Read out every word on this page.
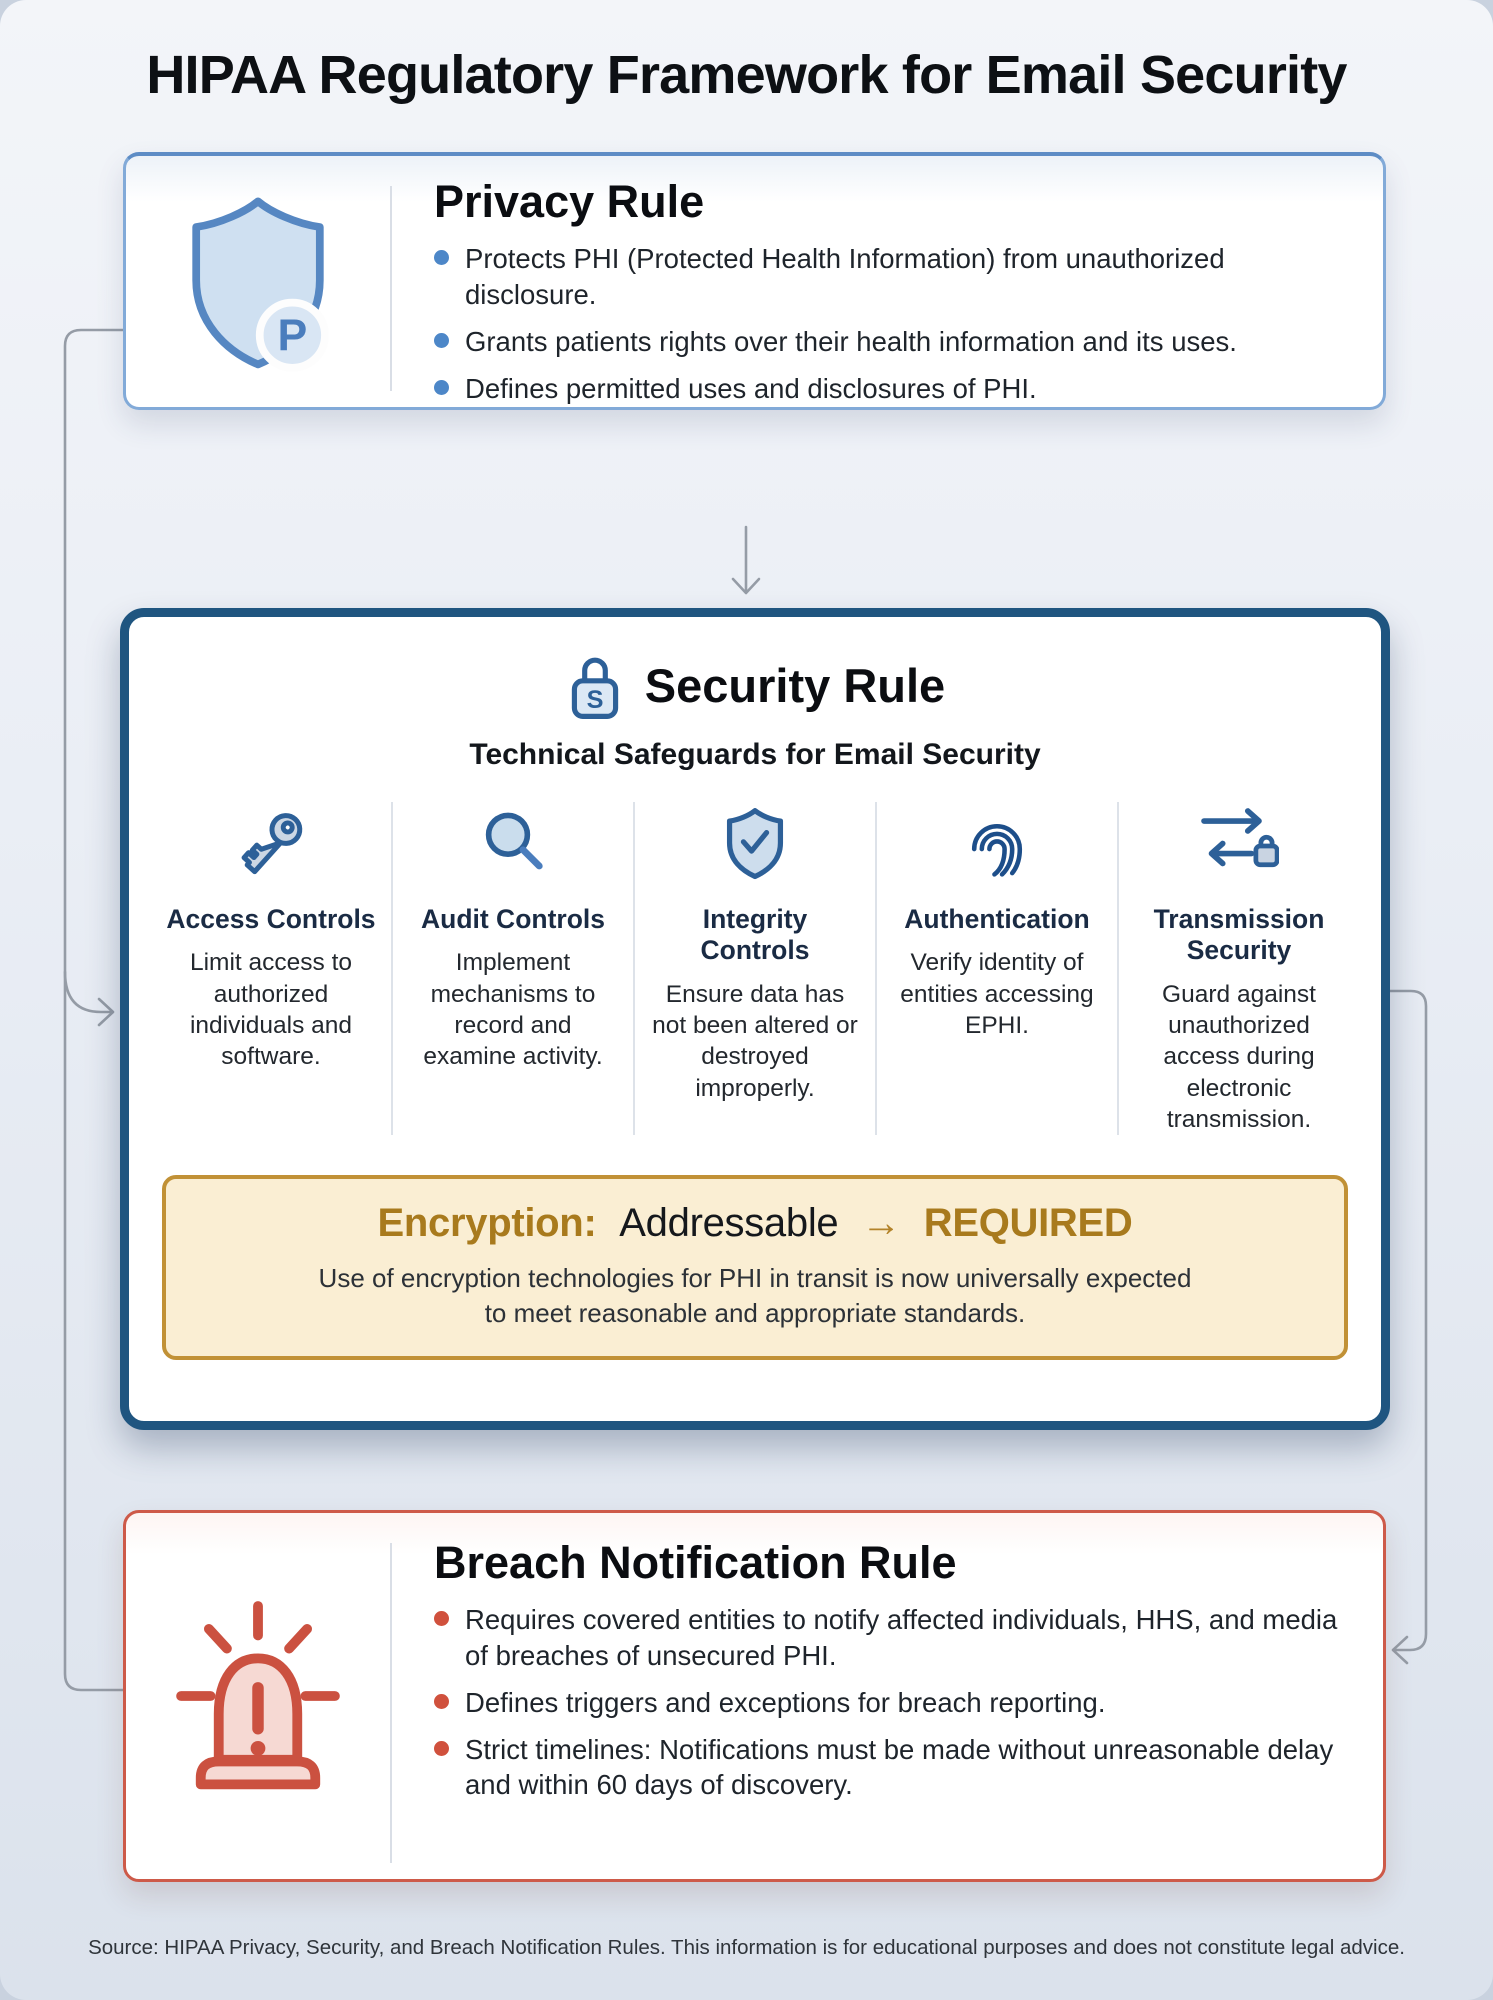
HIPAA Regulatory Framework for Email Security
P
Privacy Rule
Protects PHI (Protected Health Information) from unauthorized disclosure.
Grants patients rights over their health information and its uses.
Defines permitted uses and disclosures of PHI.
S Security Rule
Technical Safeguards for Email Security
Access Controls

Limit access to authorized individuals and software.

Audit Controls

Implement mechanisms to record and examine activity.

Integrity Controls

Ensure data has not been altered or destroyed improperly.

Authentication

Verify identity of entities accessing EPHI.

Transmission Security

Guard against unauthorized access during electronic transmission.

Encryption: Addressable → REQUIRED

Use of encryption technologies for PHI in transit is now universally expected to meet reasonable and appropriate standards.

Breach Notification Rule
Requires covered entities to notify affected individuals, HHS, and media of breaches of unsecured PHI.
Defines triggers and exceptions for breach reporting.
Strict timelines: Notifications must be made without unreasonable delay and within 60 days of discovery.

Source: HIPAA Privacy, Security, and Breach Notification Rules. This information is for educational purposes and does not constitute legal advice.
